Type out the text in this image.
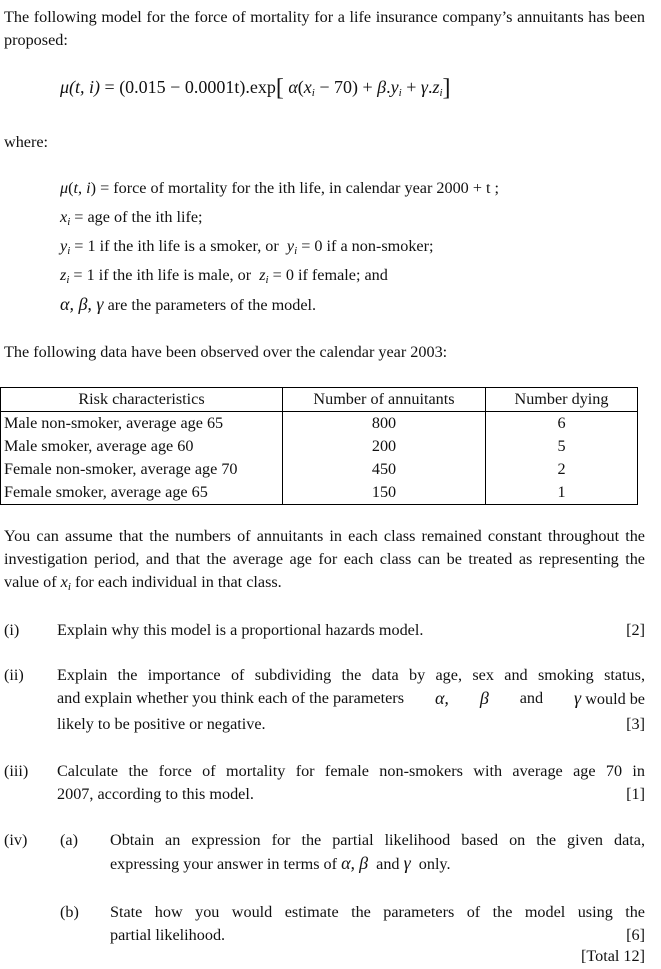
The following model for the force of mortality for a life insurance company’s annuitants has been proposed:
μ(t, i) = (0.015 − 0.0001t).exp[ $\alpha(x_i - 70) + \beta.y_i + \gamma.z_i$]
where:
μ(t, i) = force of mortality for the ith life, in calendar year 2000 + t ;
$x_i$ = age of the ith life;
$y_i = 1$ if the ith life is a smoker, or $y_i = 0$ if a non-smoker;
$z_i = 1$ if the ith life is male, or $z_i = 0$ if female; and
α, β, γ are the parameters of the model.
The following data have been observed over the calendar year 2003:
Risk characteristics	Number of annuitants	Number dying
Male non-smoker, average age 65	800	6
Male smoker, average age 60	200	5
Female non-smoker, average age 70	450	2
Female smoker, average age 65	150	1
You can assume that the numbers of annuitants in each class remained constant throughout the investigation period, and that the average age for each class can be treated as representing the value of $x_i$ for each individual in that class.
(i) Explain why this model is a proportional hazards model.	[2]
(ii) Explain the importance of subdividing the data by age, sex and smoking status,
and explain whether you think each of the parameters α, β and γ would be
likely to be positive or negative.	[3]
(iii) Calculate the force of mortality for female non-smokers with average age 70 in
2007, according to this model.	[1]
(iv) (a) Obtain an expression for the partial likelihood based on the given data,
expressing your answer in terms of α, β and γ only.
(b) State how you would estimate the parameters of the model using the
partial likelihood.	[6]
[Total 12]
